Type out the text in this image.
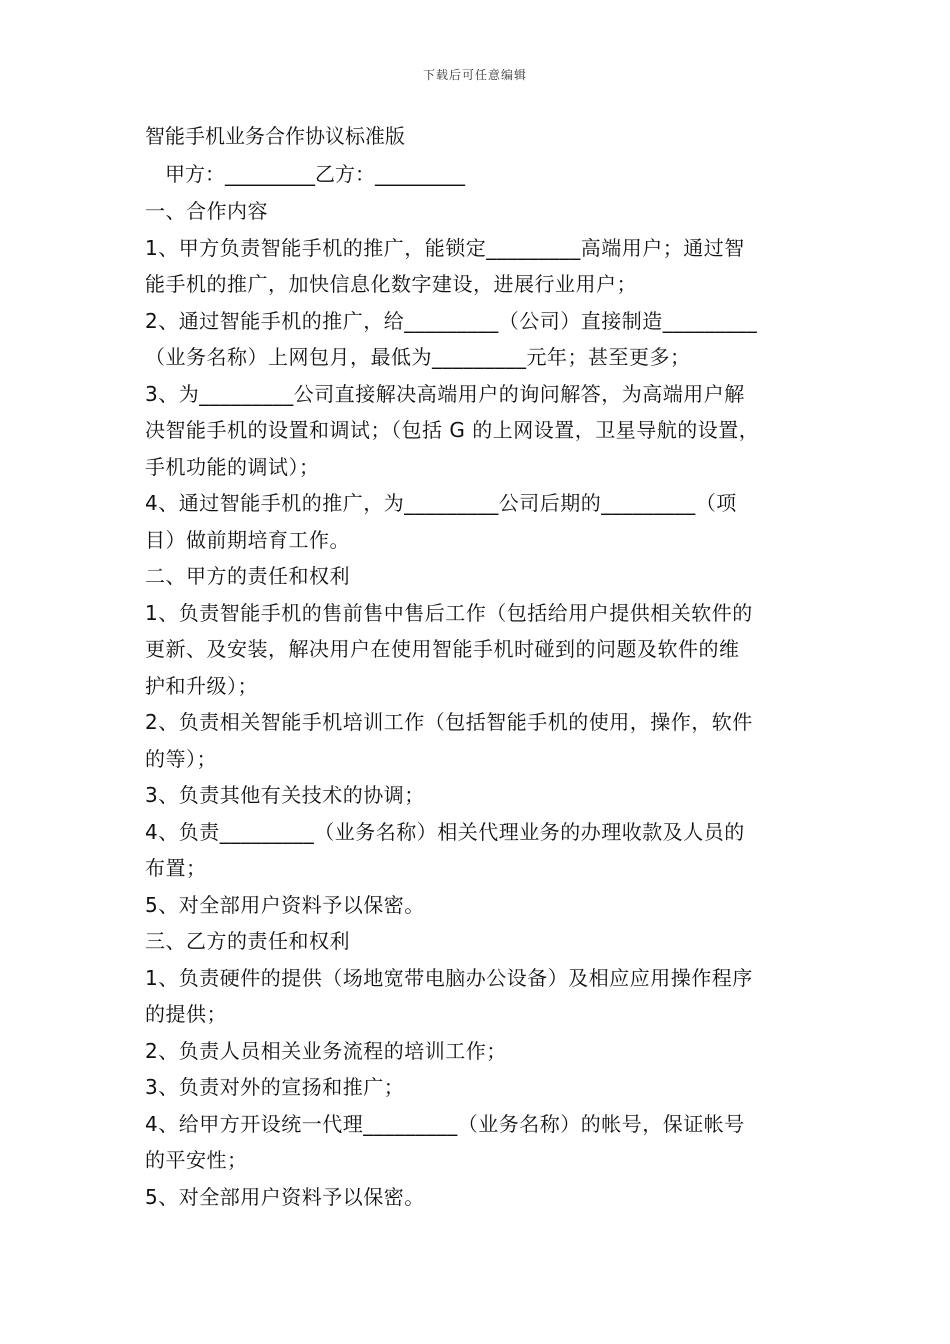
下载后可任意编辑
智能手机业务合作协议标准版
甲方：_________乙方：_________
一、合作内容
1、甲方负责智能手机的推广，能锁定_________高端用户；通过智
能手机的推广，加快信息化数字建设，进展行业用户；
2、通过智能手机的推广，给_________（公司）直接制造_________
（业务名称）上网包月，最低为_________元年；甚至更多；
3、为_________公司直接解决高端用户的询问解答，为高端用户解
决智能手机的设置和调试；（包括 G 的上网设置，卫星导航的设置，
手机功能的调试）；
4、通过智能手机的推广，为_________公司后期的_________（项
目）做前期培育工作。
二、甲方的责任和权利
1、负责智能手机的售前售中售后工作（包括给用户提供相关软件的
更新、及安装，解决用户在使用智能手机时碰到的问题及软件的维
护和升级）；
2、负责相关智能手机培训工作（包括智能手机的使用，操作，软件
的等）；
3、负责其他有关技术的协调；
4、负责_________（业务名称）相关代理业务的办理收款及人员的
布置；
5、对全部用户资料予以保密。
三、乙方的责任和权利
1、负责硬件的提供（场地宽带电脑办公设备）及相应应用操作程序
的提供；
2、负责人员相关业务流程的培训工作；
3、负责对外的宣扬和推广；
4、给甲方开设统一代理_________（业务名称）的帐号，保证帐号
的平安性；
5、对全部用户资料予以保密。
